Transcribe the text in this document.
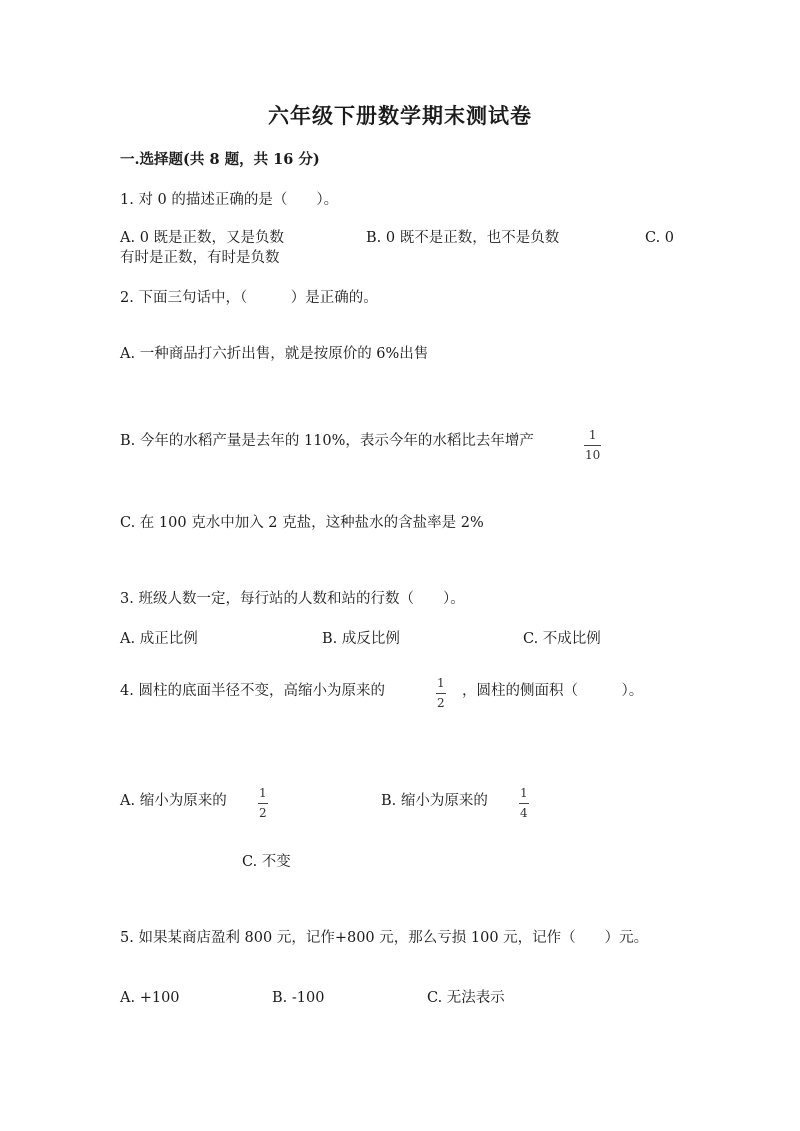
六年级下册数学期末测试卷
一.选择题(共 8 题，共 16 分)
1. 对 0 的描述正确的是（　　）。
A. 0 既是正数，又是负数	B. 0 既不是正数，也不是负数	C. 0
有时是正数，有时是负数
2. 下面三句话中，（　　　）是正确的。
A. 一种商品打六折出售，就是按原价的 6%出售
B. 今年的水稻产量是去年的 110%，表示今年的水稻比去年增产	1
10
C. 在 100 克水中加入 2 克盐，这种盐水的含盐率是 2%
3. 班级人数一定，每行站的人数和站的行数（　　）。
A. 成正比例	B. 成反比例	C. 不成比例
4. 圆柱的底面半径不变，高缩小为原来的	1
2
，圆柱的侧面积（　　　）。
A. 缩小为原来的	1
2
B. 缩小为原来的	1
4
C. 不变
5. 如果某商店盈利 800 元，记作+800 元，那么亏损 100 元，记作（　　）元。
A. +100	B. -100	C. 无法表示
